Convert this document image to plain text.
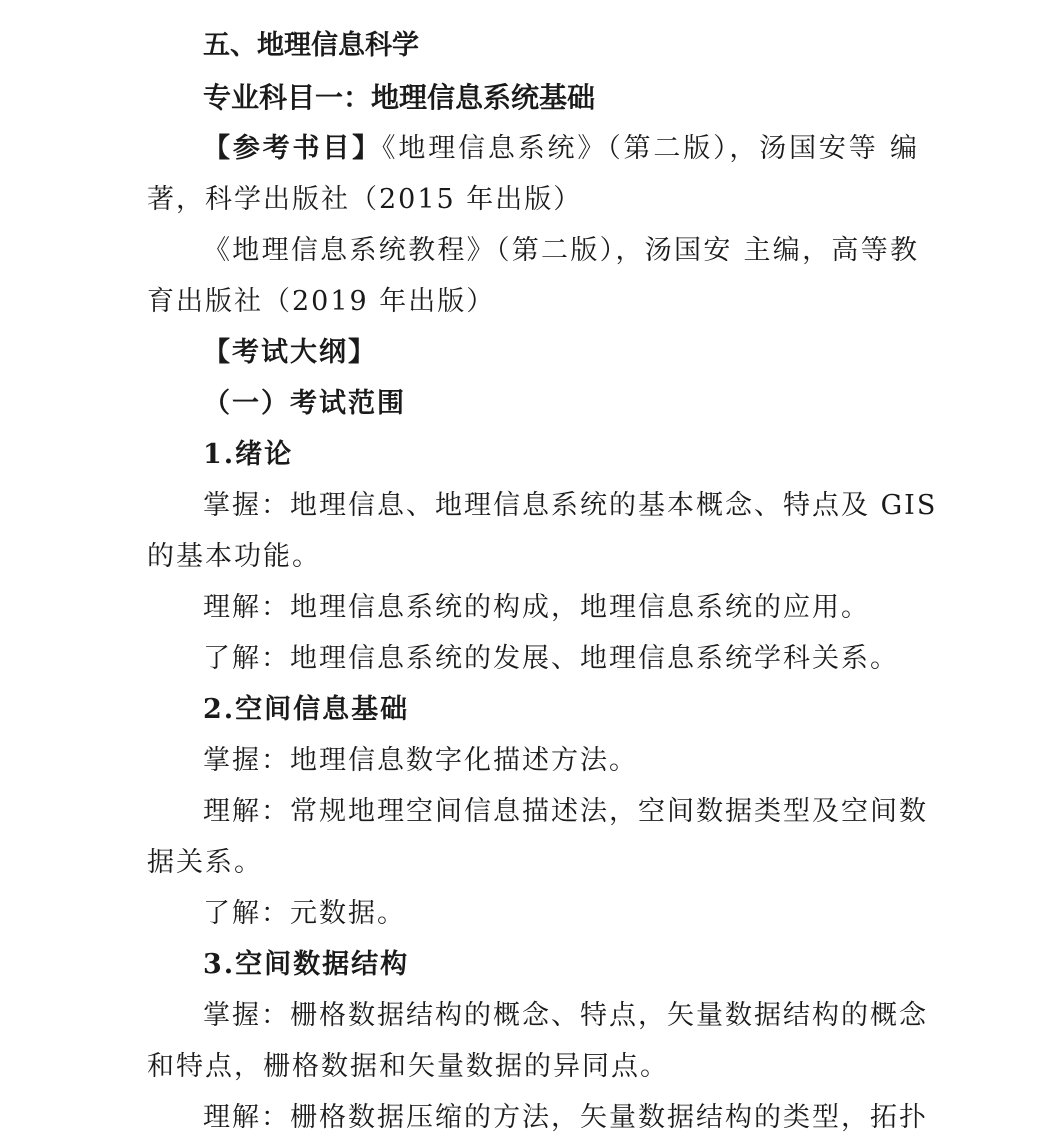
五、地理信息科学
专业科目一：地理信息系统基础
【参考书目】《地理信息系统》（第二版），汤国安等 编
著，科学出版社（2015 年出版）
《地理信息系统教程》（第二版），汤国安 主编，高等教
育出版社（2019 年出版）
【考试大纲】
（一）考试范围
1.绪论
掌握：地理信息、地理信息系统的基本概念、特点及 GIS
的基本功能。
理解：地理信息系统的构成，地理信息系统的应用。
了解：地理信息系统的发展、地理信息系统学科关系。
2.空间信息基础
掌握：地理信息数字化描述方法。
理解：常规地理空间信息描述法，空间数据类型及空间数
据关系。
了解：元数据。
3.空间数据结构
掌握：栅格数据结构的概念、特点，矢量数据结构的概念
和特点，栅格数据和矢量数据的异同点。
理解：栅格数据压缩的方法，矢量数据结构的类型，拓扑
